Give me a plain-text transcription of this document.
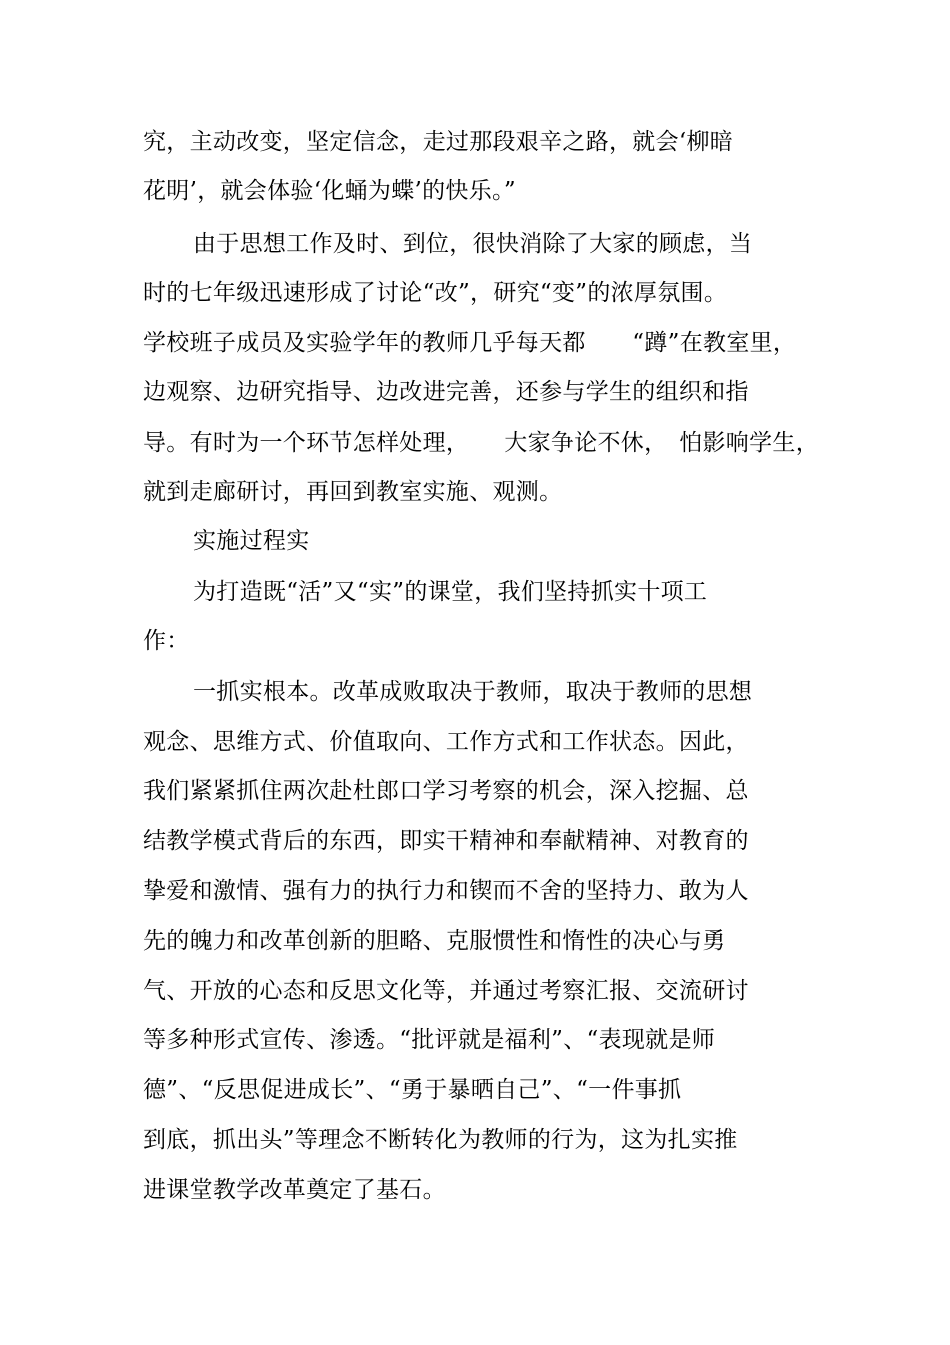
究，主动改变，坚定信念，走过那段艰辛之路，就会‘柳暗
花明’，就会体验‘化蛹为蝶’的快乐。”
由于思想工作及时、到位，很快消除了大家的顾虑，当
时的七年级迅速形成了讨论“改”，研究“变”的浓厚氛围。
学校班子成员及实验学年的教师几乎每天都　　“蹲”在教室里，
边观察、边研究指导、边改进完善，还参与学生的组织和指
导。有时为一个环节怎样处理，　　大家争论不休，　怕影响学生，
就到走廊研讨，再回到教室实施、观测。
实施过程实
为打造既“活”又“实”的课堂，我们坚持抓实十项工
作：
一抓实根本。改革成败取决于教师，取决于教师的思想
观念、思维方式、价值取向、工作方式和工作状态。因此，
我们紧紧抓住两次赴杜郎口学习考察的机会，深入挖掘、总
结教学模式背后的东西，即实干精神和奉献精神、对教育的
挚爱和激情、强有力的执行力和锲而不舍的坚持力、敢为人
先的魄力和改革创新的胆略、克服惯性和惰性的决心与勇
气、开放的心态和反思文化等，并通过考察汇报、交流研讨
等多种形式宣传、渗透。“批评就是福利”、“表现就是师
德”、“反思促进成长”、“勇于暴晒自己”、“一件事抓
到底，抓出头”等理念不断转化为教师的行为，这为扎实推
进课堂教学改革奠定了基石。
